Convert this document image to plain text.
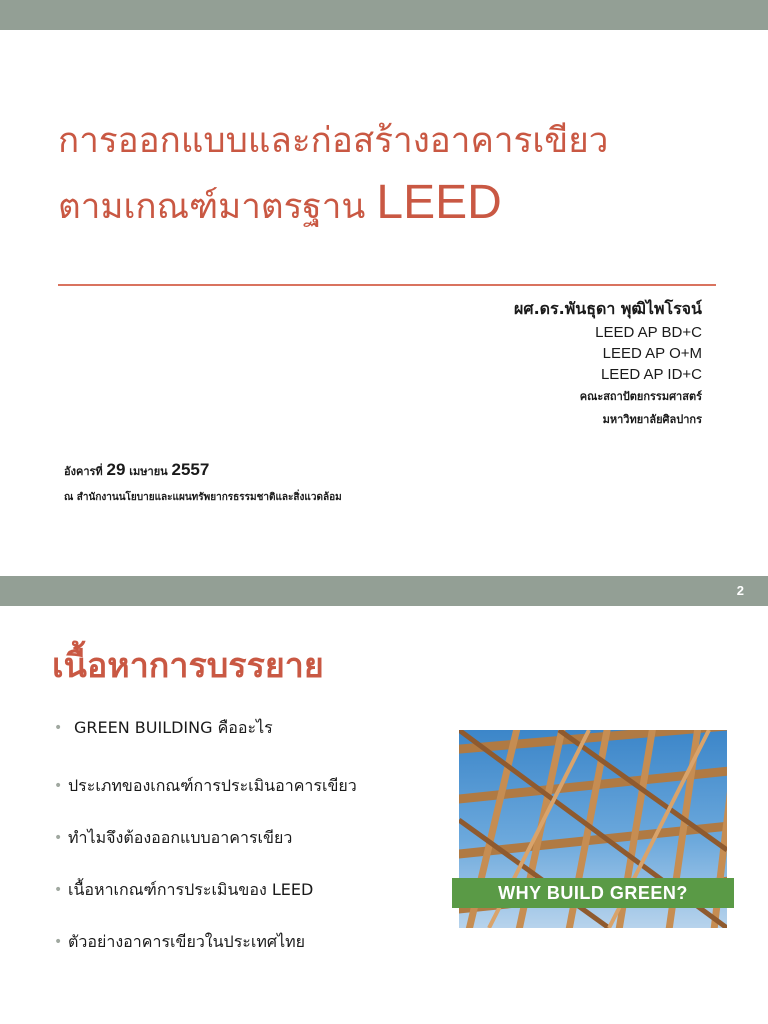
การออกแบบและก่อสร้างอาคารเขียว
ตามเกณฑ์มาตรฐาน LEED
ผศ.ดร.พันธุดา พุฒิไพโรจน์
LEED AP BD+C
LEED AP O+M
LEED AP ID+C
คณะสถาปัตยกรรมศาสตร์
มหาวิทยาลัยศิลปากร
อังคารที่ 29 เมษายน 2557
ณ สำนักงานนโยบายและแผนทรัพยากรธรรมชาติและสิ่งแวดล้อม
2
เนื้อหาการบรรยาย
• GREEN BUILDING คืออะไร
• ประเภทของเกณฑ์การประเมินอาคารเขียว
• ทำไมจึงต้องออกแบบอาคารเขียว
• เนื้อหาเกณฑ์การประเมินของ LEED
• ตัวอย่างอาคารเขียวในประเทศไทย
WHY BUILD GREEN?
